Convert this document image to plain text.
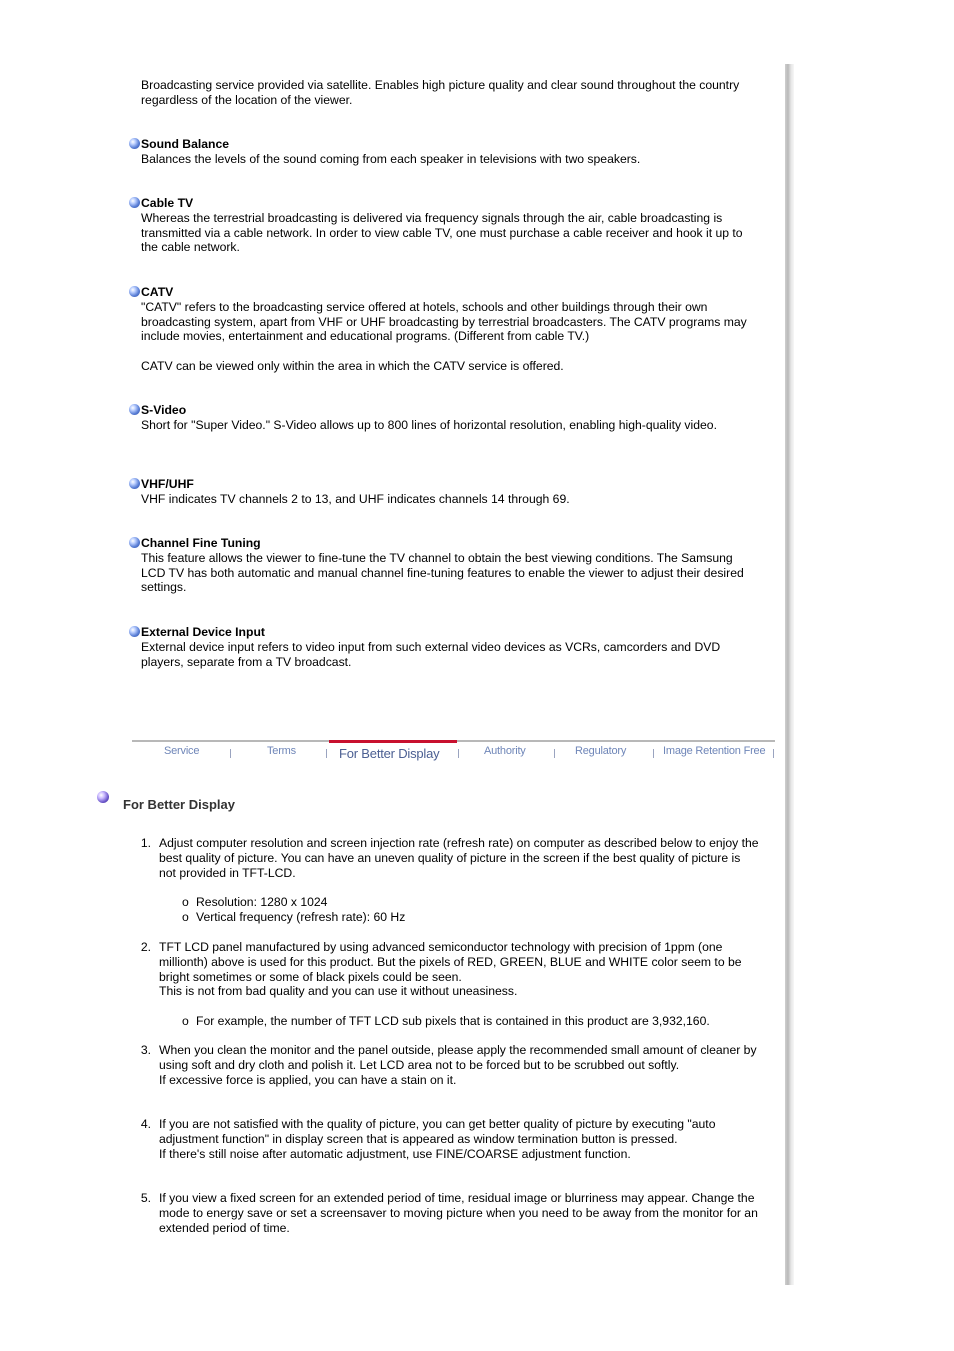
Broadcasting service provided via satellite. Enables high picture quality and clear sound throughout the country regardless of the location of the viewer.
Sound Balance
Balances the levels of the sound coming from each speaker in televisions with two speakers.
Cable TV
Whereas the terrestrial broadcasting is delivered via frequency signals through the air, cable broadcasting is transmitted via a cable network. In order to view cable TV, one must purchase a cable receiver and hook it up to the cable network.
CATV
"CATV" refers to the broadcasting service offered at hotels, schools and other buildings through their own broadcasting system, apart from VHF or UHF broadcasting by terrestrial broadcasters. The CATV programs may include movies, entertainment and educational programs. (Different from cable TV.)
CATV can be viewed only within the area in which the CATV service is offered.
S-Video
Short for "Super Video." S-Video allows up to 800 lines of horizontal resolution, enabling high-quality video.
VHF/UHF
VHF indicates TV channels 2 to 13, and UHF indicates channels 14 through 69.
Channel Fine Tuning
This feature allows the viewer to fine-tune the TV channel to obtain the best viewing conditions. The Samsung LCD TV has both automatic and manual channel fine-tuning features to enable the viewer to adjust their desired settings.
External Device Input
External device input refers to video input from such external video devices as VCRs, camcorders and DVD players, separate from a TV broadcast.
Service	Terms	For Better Display	Authority	Regulatory	Image Retention Free
For Better Display
1. Adjust computer resolution and screen injection rate (refresh rate) on computer as described below to enjoy the best quality of picture. You can have an uneven quality of picture in the screen if the best quality of picture is not provided in TFT-LCD.
o Resolution: 1280 x 1024
o Vertical frequency (refresh rate): 60 Hz
2. TFT LCD panel manufactured by using advanced semiconductor technology with precision of 1ppm (one millionth) above is used for this product. But the pixels of RED, GREEN, BLUE and WHITE color seem to be bright sometimes or some of black pixels could be seen.
This is not from bad quality and you can use it without uneasiness.
o For example, the number of TFT LCD sub pixels that is contained in this product are 3,932,160.
3. When you clean the monitor and the panel outside, please apply the recommended small amount of cleaner by using soft and dry cloth and polish it. Let LCD area not to be forced but to be scrubbed out softly.
If excessive force is applied, you can have a stain on it.
4. If you are not satisfied with the quality of picture, you can get better quality of picture by executing "auto adjustment function" in display screen that is appeared as window termination button is pressed.
If there's still noise after automatic adjustment, use FINE/COARSE adjustment function.
5. If you view a fixed screen for an extended period of time, residual image or blurriness may appear. Change the mode to energy save or set a screensaver to moving picture when you need to be away from the monitor for an extended period of time.
